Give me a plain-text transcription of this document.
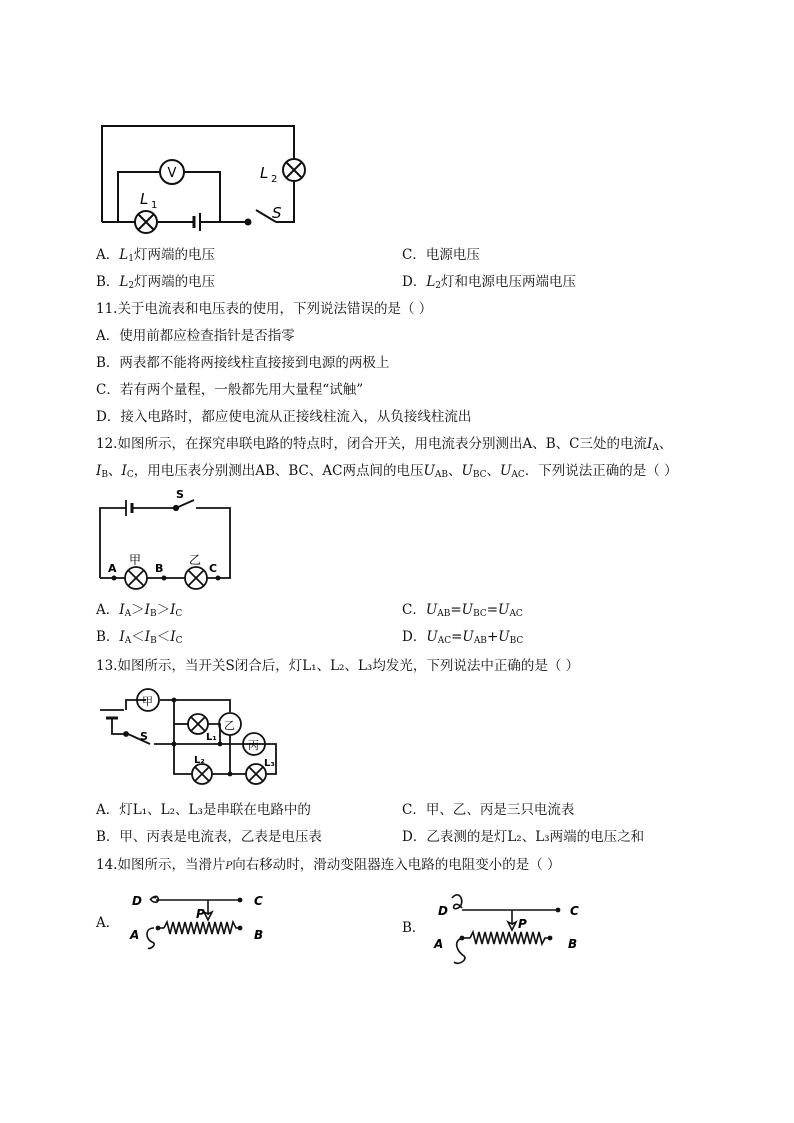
V
L 1
L 2
S
A．$L_1$灯两端的电压	C．电源电压
B．$L_2$灯两端的电压	D．$L_2$灯和电源电压两端电压
11.关于电流表和电压表的使用，下列说法错误的是（ ）
A．使用前都应检查指针是否指零
B．两表都不能将两接线柱直接接到电源的两极上
C．若有两个量程，一般都先用大量程“试触”
D．接入电路时，都应使电流从正接线柱流入，从负接线柱流出
12.如图所示，在探究串联电路的特点时，闭合开关，用电流表分别测出A、B、C三处的电流$I_A$、
$I_B$、$I_C$，用电压表分别测出AB、BC、AC两点间的电压$U_{AB}$、$U_{BC}$、$U_{AC}$．下列说法正确的是（ ）
S
A	B	C
甲	乙
A．$I_A>I_B>I_C$	C．$U_{AB}=U_{BC}=U_{AC}$
B．$I_A<I_B<I_C$	D．$U_{AC}=U_{AB}+U_{BC}$
13.如图所示，当开关S闭合后，灯L₁、L₂、L₃均发光，下列说法中正确的是（ ）
甲
乙
丙
S	L₁
L₂	L₃
A．灯L₁、L₂、L₃是串联在电路中的	C．甲、乙、丙是三只电流表
B．甲、丙表是电流表，乙表是电压表	D．乙表测的是灯L₂、L₃两端的电压之和
14.如图所示，当滑片P向右移动时，滑动变阻器连入电路的电阻变小的是（ ）
A．
D	C
A	B
P
B．
D	C
A	B
P
